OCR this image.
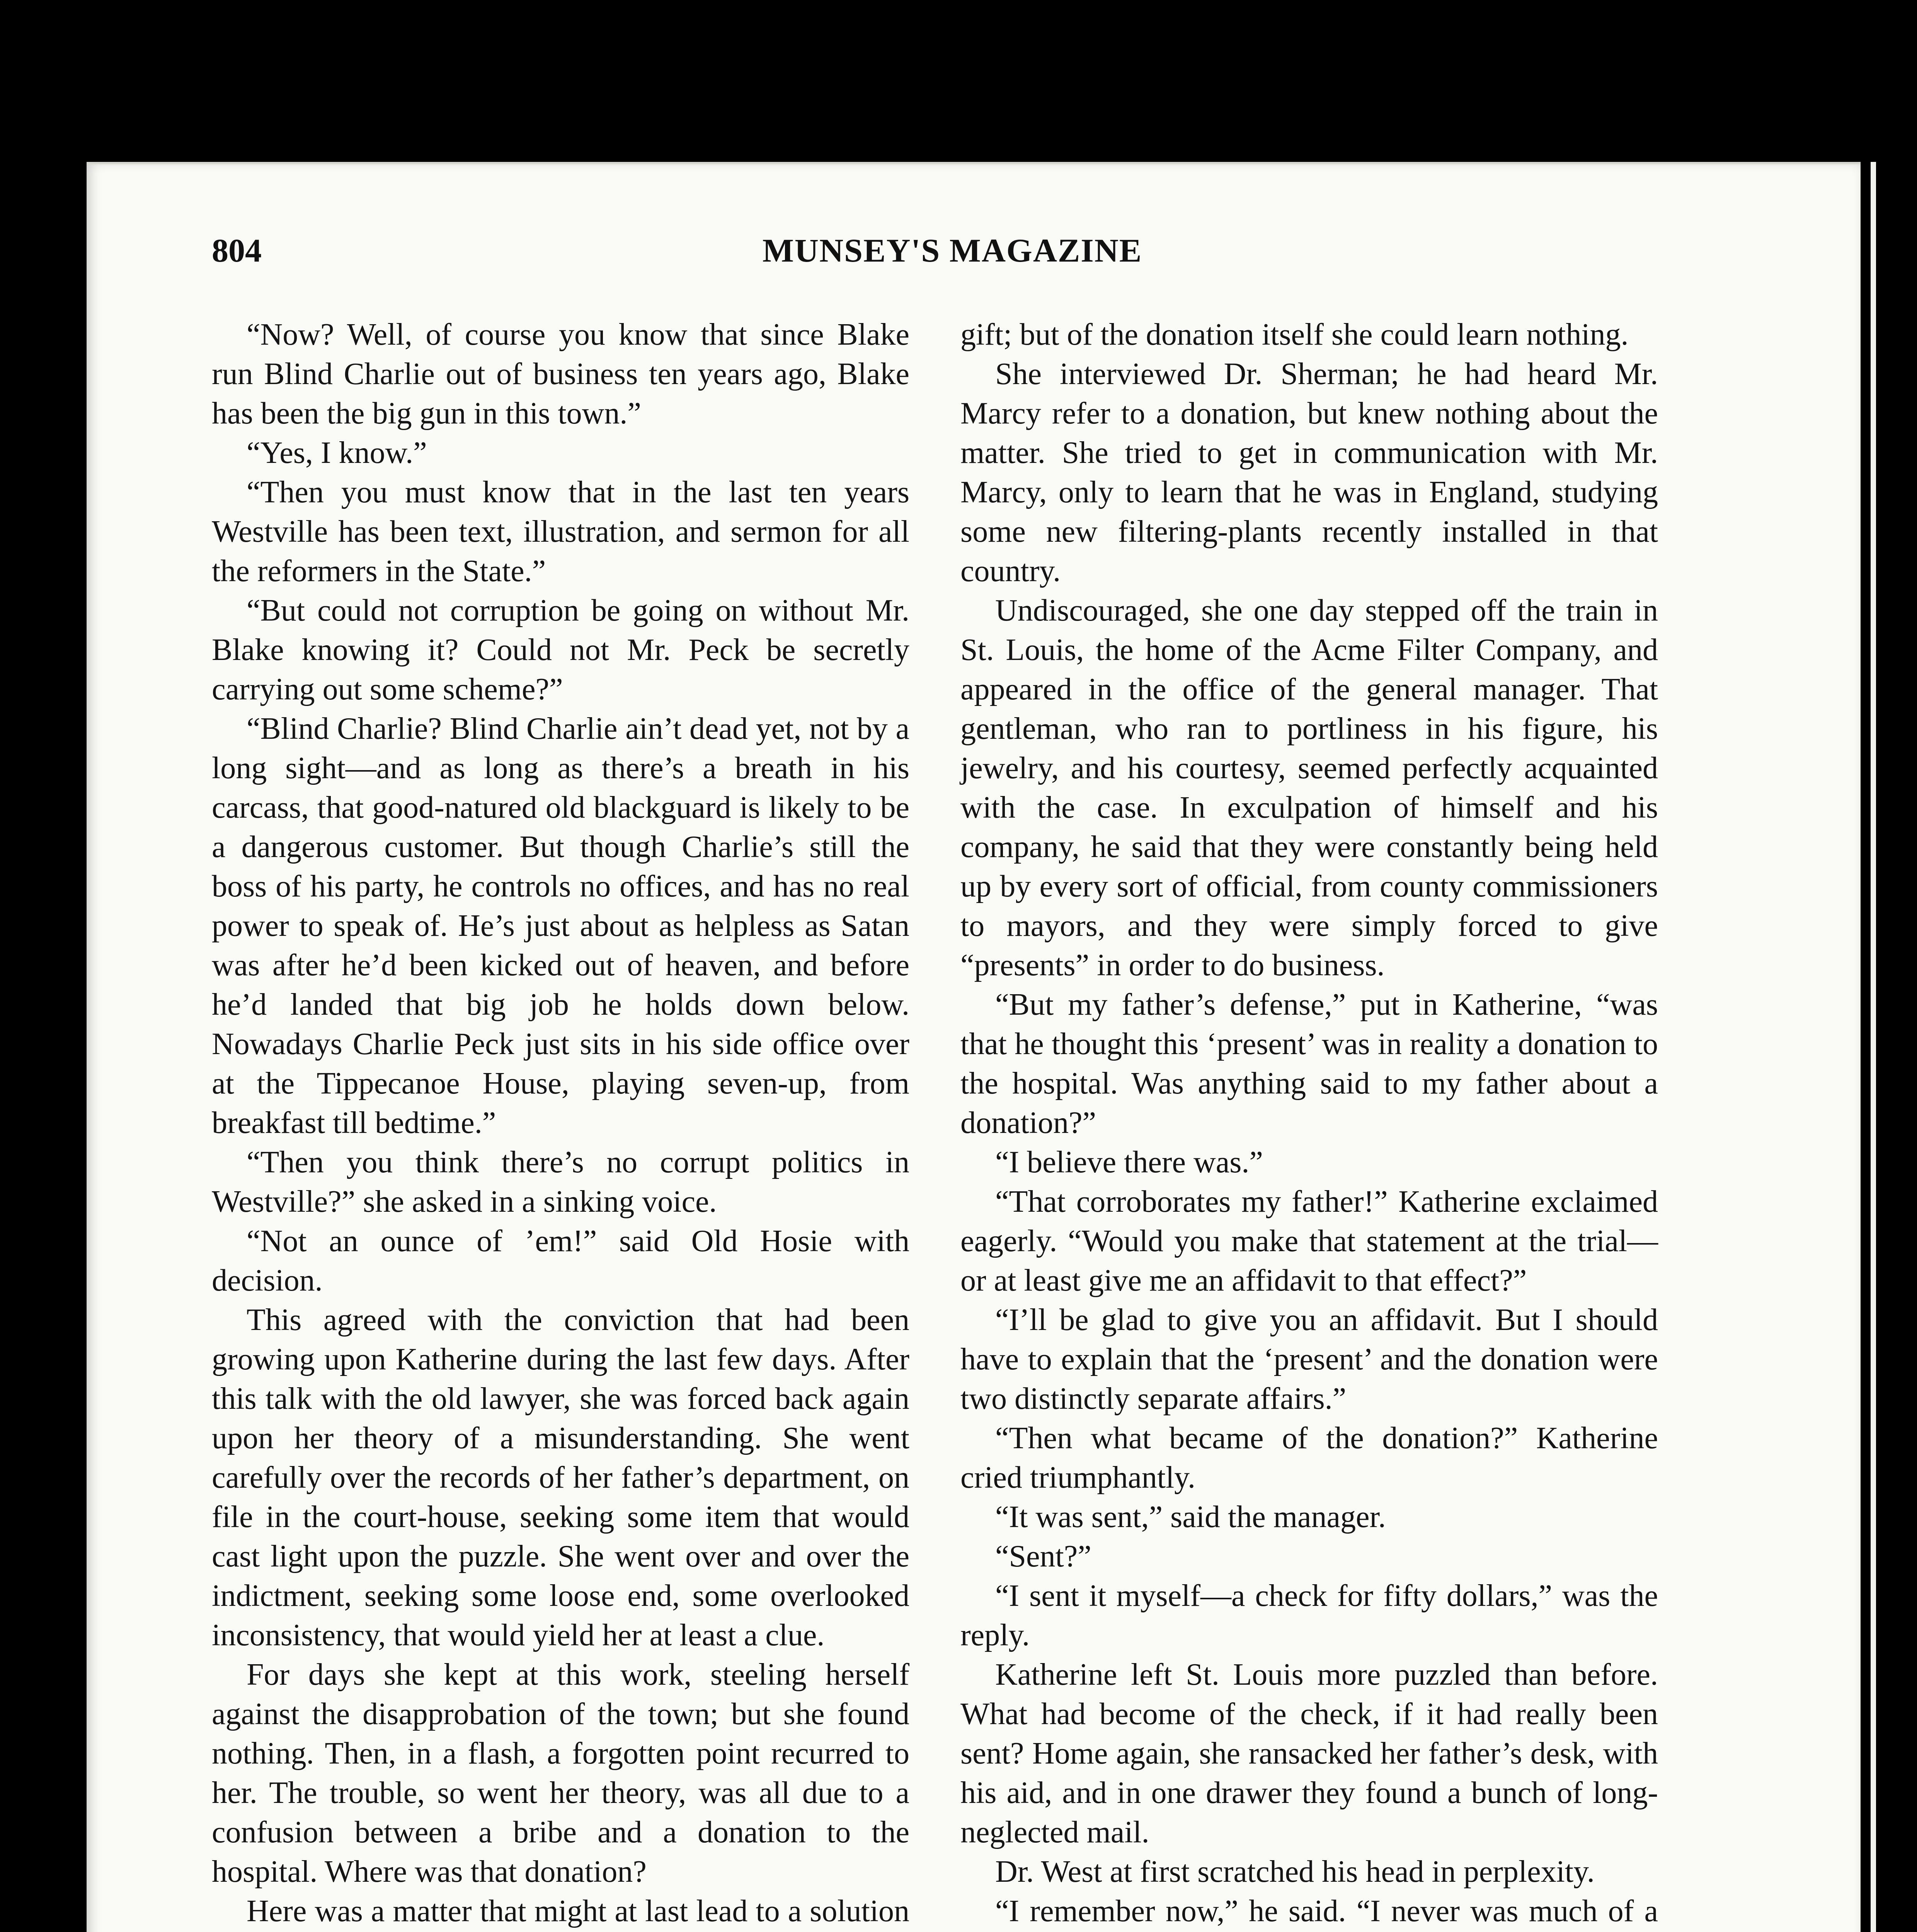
804	MUNSEY'S MAGAZINE

“Now? Well, of course you know that since Blake run Blind Charlie out of business ten years ago, Blake has been the big gun in this town.”

“Yes, I know.”

“Then you must know that in the last ten years Westville has been text, illustration, and sermon for all the reformers in the State.”

“But could not corruption be going on without Mr. Blake knowing it? Could not Mr. Peck be secretly carrying out some scheme?”

“Blind Charlie? Blind Charlie ain’t dead yet, not by a long sight—and as long as there’s a breath in his carcass, that good-natured old blackguard is likely to be a dangerous customer. But though Charlie’s still the boss of his party, he controls no offices, and has no real power to speak of. He’s just about as helpless as Satan was after he’d been kicked out of heaven, and before he’d landed that big job he holds down below. Nowadays Charlie Peck just sits in his side office over at the Tippecanoe House, playing seven-up, from breakfast till bedtime.”

“Then you think there’s no corrupt politics in Westville?” she asked in a sinking voice.

“Not an ounce of ’em!” said Old Hosie with decision.

This agreed with the conviction that had been growing upon Katherine during the last few days. After this talk with the old lawyer, she was forced back again upon her theory of a misunderstanding. She went carefully over the records of her father’s department, on file in the court-house, seeking some item that would cast light upon the puzzle. She went over and over the indictment, seeking some loose end, some overlooked inconsistency, that would yield her at least a clue.

For days she kept at this work, steeling herself against the disapprobation of the town; but she found nothing. Then, in a flash, a forgotten point recurred to her. The trouble, so went her theory, was all due to a confusion between a bribe and a donation to the hospital. Where was that donation?

Here was a matter that might at last lead to a solution

gift; but of the donation itself she could learn nothing.

She interviewed Dr. Sherman; he had heard Mr. Marcy refer to a donation, but knew nothing about the matter. She tried to get in communication with Mr. Marcy, only to learn that he was in England, studying some new filtering-plants recently installed in that country.

Undiscouraged, she one day stepped off the train in St. Louis, the home of the Acme Filter Company, and appeared in the office of the general manager. That gentleman, who ran to portliness in his figure, his jewelry, and his courtesy, seemed perfectly acquainted with the case. In exculpation of himself and his company, he said that they were constantly being held up by every sort of official, from county commissioners to mayors, and they were simply forced to give “presents” in order to do business.

“But my father’s defense,” put in Katherine, “was that he thought this ‘present’ was in reality a donation to the hospital. Was anything said to my father about a donation?”

“I believe there was.”

“That corroborates my father!” Katherine exclaimed eagerly. “Would you make that statement at the trial—or at least give me an affidavit to that effect?”

“I’ll be glad to give you an affidavit. But I should have to explain that the ‘present’ and the donation were two distinctly separate affairs.”

“Then what became of the donation?” Katherine cried triumphantly.

“It was sent,” said the manager.

“Sent?”

“I sent it myself—a check for fifty dollars,” was the reply.

Katherine left St. Louis more puzzled than before. What had become of the check, if it had really been sent? Home again, she ransacked her father’s desk, with his aid, and in one drawer they found a bunch of long-neglected mail.

Dr. West at first scratched his head in perplexity.

“I remember now,” he said. “I never was much of a
